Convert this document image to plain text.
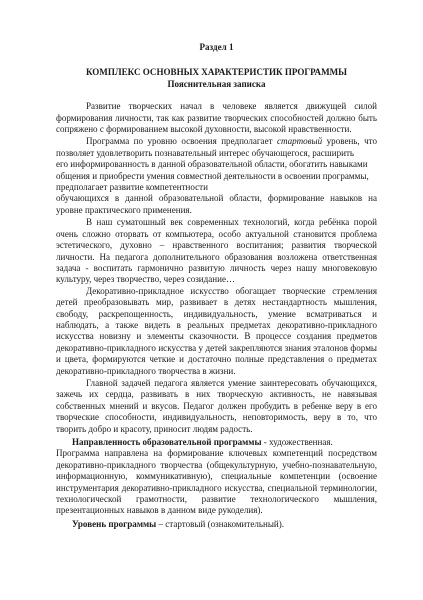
Раздел 1
КОМПЛЕКС ОСНОВНЫХ ХАРАКТЕРИСТИК ПРОГРАММЫ
Пояснительная записка

Развитие творческих начал в человеке является движущей силой формирования личности, так как развитие творческих способностей должно быть сопряжено с формированием высокой духовности, высокой нравственности.

Программа по уровню освоения предполагает стартовый уровень, что позволяет удовлетворить познавательный интерес обучающегося, расширить

его информированность в данной образовательной области, обогатить навыками общения и приобрести умения совместной деятельности в освоении программы, предполагает развитие компетентности

обучающихся в данной образовательной области, формирование навыков на уровне практического применения.

В наш суматошный век современных технологий, когда ребёнка порой очень сложно оторвать от компьютера, особо актуальной становится проблема эстетического, духовно – нравственного воспитания; развития творческой личности. На педагога дополнительного образования возложена ответственная задача - воспитать гармонично развитую личность через нашу многовековую культуру, через творчество, через созидание…

Декоративно-прикладное искусство обогащает творческие стремления детей преобразовывать мир, развивает в детях нестандартность мышления, свободу, раскрепощенность, индивидуальность, умение всматриваться и наблюдать, а также видеть в реальных предметах декоративно-прикладного искусства новизну и элементы сказочности. В процессе создания предметов декоративно-прикладного искусства у детей закрепляются знания эталонов формы и цвета, формируются четкие и достаточно полные представления о предметах декоративно-прикладного творчества в жизни.

Главной задачей педагога является умение заинтересовать обучающихся, зажечь их сердца, развивать в них творческую активность, не навязывая собственных мнений и вкусов. Педагог должен пробудить в ребенке веру в его творческие способности, индивидуальность, неповторимость, веру в то, что творить добро и красоту, приносит людям радость.

Направленность образовательной программы - художественная.

Программа направлена на формирование ключевых компетенций посредством декоративно-прикладного творчества (общекультурную, учебно-познавательную, информационную, коммуникативную), специальные компетенции (освоение инструментария декоративно-прикладного искусства, специальной терминологии, технологической грамотности, развитие технологического мышления, презентационных навыков в данном виде рукоделия).

Уровень программы – стартовый (ознакомительный).
